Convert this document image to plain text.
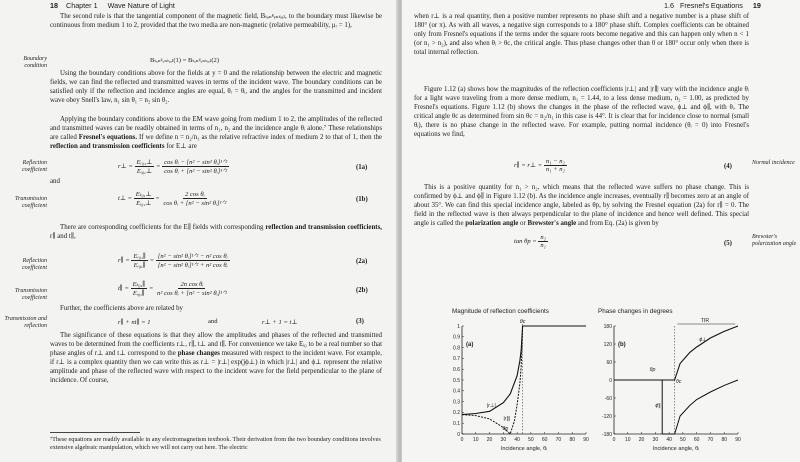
18 Chapter 1 Wave Nature of Light

The second rule is that the tangential component of the magnetic field, Bₜₐₙᵍₑₙₜᵢₐₗ, to the boundary must likewise be continuous from medium 1 to 2, provided that the two media are non-magnetic (relative permeability, μᵣ = 1),

Boundary condition
Bₜₐₙᵍₑₙₜᵢₐₗ(1) = Bₜₐₙᵍₑₙₜᵢₐₗ(2)

Using the boundary conditions above for the fields at y = 0 and the relationship between the electric and magnetic fields, we can find the reflected and transmitted waves in terms of the incident wave. The boundary conditions can be satisfied only if the reflection and incidence angles are equal, θᵣ = θᵢ, and the angles for the transmitted and incident wave obey Snell's law, n₁ sin θ₁ = n₂ sin θ₂.

Applying the boundary conditions above to the EM wave going from medium 1 to 2, the amplitudes of the reflected and transmitted waves can be readily obtained in terms of n₁, n₂ and the incidence angle θᵢ alone.⁷ These relationships are called Fresnel's equations. If we define n = n₂/n₁ as the relative refractive index of medium 2 to that of 1, then the reflection and transmission coefficients for E⊥ are

Reflection coefficient	r⊥ = $\frac{\text{Eᵣ₀,⊥}}{\text{Eᵢ₀,⊥}} = \frac{\text{cos θᵢ − [n² − sin² θᵢ]¹ᐟ²}}{\text{cos θᵢ + [n² − sin² θᵢ]¹ᐟ²}}$	(1a)
and
Transmission coefficient
t⊥ = $\frac{\text{Eₜ₀,⊥}}{\text{Eᵢ₀,⊥}} = \frac{\text{2 cos θᵢ}}{\text{cos θᵢ + [n² − sin² θᵢ]¹ᐟ²}}$	(1b)

There are corresponding coefficients for the E∥ fields with corresponding reflection and transmission coefficients, r∥ and t∥,

Reflection coefficient
r∥ = $\frac{\text{Eᵣ₀,∥}}{\text{Eᵢ₀,∥}} = \frac{\text{[n² − sin² θᵢ]¹ᐟ² − n² cos θᵢ}}{\text{[n² − sin² θᵢ]¹ᐟ² + n² cos θᵢ}}$	(2a)
Transmission coefficient
t∥ = $\frac{\text{Eₜ₀,∥}}{\text{Eᵢ₀,∥}} = \frac{\text{2n cos θᵢ}}{\text{n² cos θᵢ + [n² − sin² θᵢ]¹ᐟ²}}$	(2b)
Further, the coefficients above are related by
Transmission and reflection	r∥ + nt∥ = 1	and	r⊥ + 1 = t⊥	(3)

The significance of these equations is that they allow the amplitudes and phases of the reflected and transmitted waves to be determined from the coefficients r⊥, r∥, t⊥ and t∥. For convenience we take Eᵢ₀ to be a real number so that phase angles of r⊥ and t⊥ correspond to the phase changes measured with respect to the incident wave. For example, if r⊥ is a complex quantity then we can write this as r⊥ = |r⊥| exp(jϕ⊥) in which |r⊥| and ϕ⊥ represent the relative amplitude and phase of the reflected wave with respect to the incident wave for the field perpendicular to the plane of incidence. Of course,

⁷These equations are readily available in any electromagnetism textbook. Their derivation from the two boundary conditions involves extensive algebraic manipulation, which we will not carry out here. The electric
1.6 Fresnel's Equations 19

when r⊥ is a real quantity, then a positive number represents no phase shift and a negative number is a phase shift of 180° (or π). As with all waves, a negative sign corresponds to a 180° phase shift. Complex coefficients can be obtained only from Fresnel's equations if the terms under the square roots become negative and this can happen only when n < 1 (or n₁ > n₂), and also when θᵢ > θc, the critical angle. Thus phase changes other than 0 or 180° occur only when there is total internal reflection.

Figure 1.12 (a) shows how the magnitudes of the reflection coefficients |r⊥| and |r∥| vary with the incidence angle θᵢ for a light wave traveling from a more dense medium, n₁ = 1.44, to a less dense medium, n₂ = 1.00, as predicted by Fresnel's equations. Figure 1.12 (b) shows the changes in the phase of the reflected wave, ϕ⊥ and ϕ∥, with θᵢ. The critical angle θc as determined from sin θc = n₂/n₁ in this case is 44°. It is clear that for incidence close to normal (small θᵢ), there is no phase change in the reflected wave. For example, putting normal incidence (θᵢ = 0) into Fresnel's equations we find,

r∥ = r⊥ = $\frac{\text{n₁ − n₂}}{\text{n₁ + n₂}}$	(4)	Normal incidence

This is a positive quantity for n₁ > n₂, which means that the reflected wave suffers no phase change. This is confirmed by ϕ⊥ and ϕ∥ in Figure 1.12 (b). As the incidence angle increases, eventually r∥ becomes zero at an angle of about 35°. We can find this special incidence angle, labeled as θp, by solving the Fresnel equation (2a) for r∥ = 0. The field in the reflected wave is then always perpendicular to the plane of incidence and hence well defined. This special angle is called the polarization angle or Brewster's angle and from Eq. (2a) is given by

$\tan \theta p = \frac{\text{n₂}}{\text{n₁}}$	(5)
Brewster's polarization angle
Magnitude of reflection coefficients	Phase changes in degrees
0 10 20 30 40 50 60 70 80 90
0
0.1
0.2
0.3
0.4
0.5
0.6
0.7
0.8
0.9
1
Incidence angle, θᵢ
(a)
0 10 20 30 40 50 60 70 80 90
-180
-120
-60
0
60
120
180
Incidence angle, θᵢ
(b)
θc
θp
|r⊥|
|r∥|
TIR
θp
θc
ϕ⊥
ϕ∥
